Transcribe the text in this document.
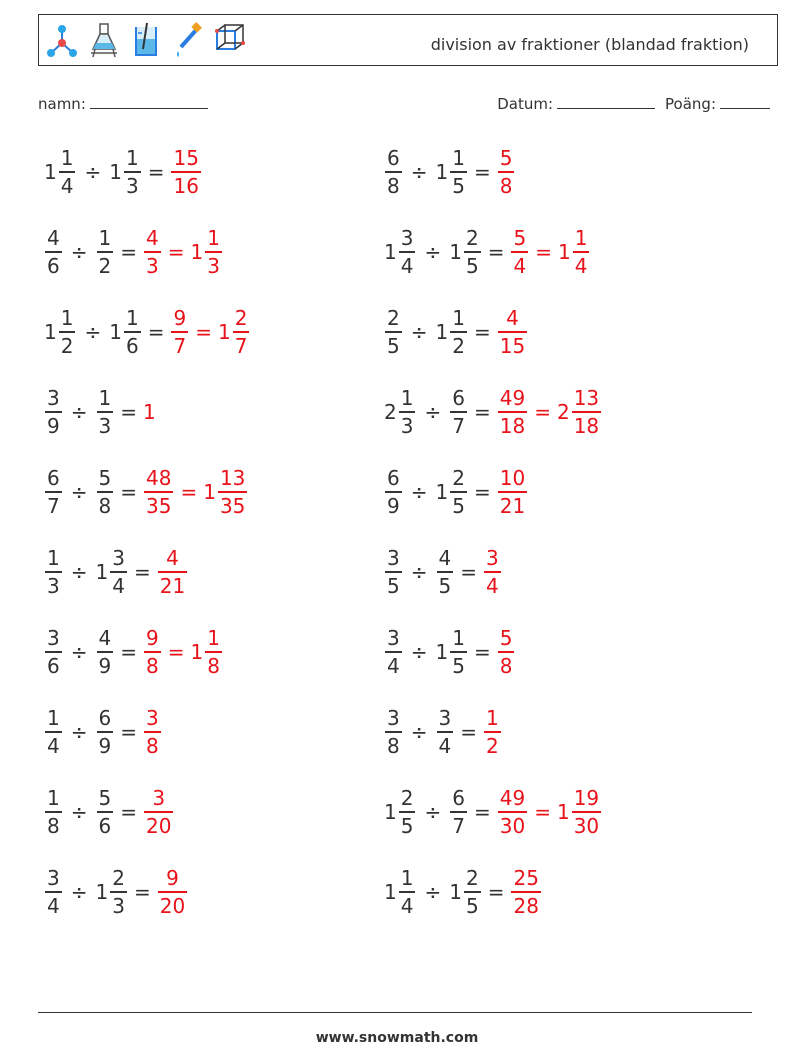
division av fraktioner (blandad fraktion)
namn:	Datum:	Poäng:
$1 \frac{1}{4} \div 1 \frac{1}{3} = \frac{15}{16}$	$\frac{6}{8} \div 1 \frac{1}{5} = \frac{5}{8}$
$\frac{4}{6} \div \frac{1}{2} = \frac{4}{3} = 1 \frac{1}{3}$	$1 \frac{3}{4} \div 1 \frac{2}{5} = \frac{5}{4} = 1 \frac{1}{4}$
$1 \frac{1}{2} \div 1 \frac{1}{6} = \frac{9}{7} = 1 \frac{2}{7}$	$\frac{2}{5} \div 1 \frac{1}{2} = \frac{4}{15}$
$\frac{3}{9} \div \frac{1}{3} = 1$	$2 \frac{1}{3} \div \frac{6}{7} = \frac{49}{18} = 2 \frac{13}{18}$
$\frac{6}{7} \div \frac{5}{8} = \frac{48}{35} = 1 \frac{13}{35}$	$\frac{6}{9} \div 1 \frac{2}{5} = \frac{10}{21}$
$\frac{1}{3} \div 1 \frac{3}{4} = \frac{4}{21}$	$\frac{3}{5} \div \frac{4}{5} = \frac{3}{4}$
$\frac{3}{6} \div \frac{4}{9} = \frac{9}{8} = 1 \frac{1}{8}$	$\frac{3}{4} \div 1 \frac{1}{5} = \frac{5}{8}$
$\frac{1}{4} \div \frac{6}{9} = \frac{3}{8}$	$\frac{3}{8} \div \frac{3}{4} = \frac{1}{2}$
$\frac{1}{8} \div \frac{5}{6} = \frac{3}{20}$	$1 \frac{2}{5} \div \frac{6}{7} = \frac{49}{30} = 1 \frac{19}{30}$
$\frac{3}{4} \div 1 \frac{2}{3} = \frac{9}{20}$	$1 \frac{1}{4} \div 1 \frac{2}{5} = \frac{25}{28}$
www.snowmath.com
